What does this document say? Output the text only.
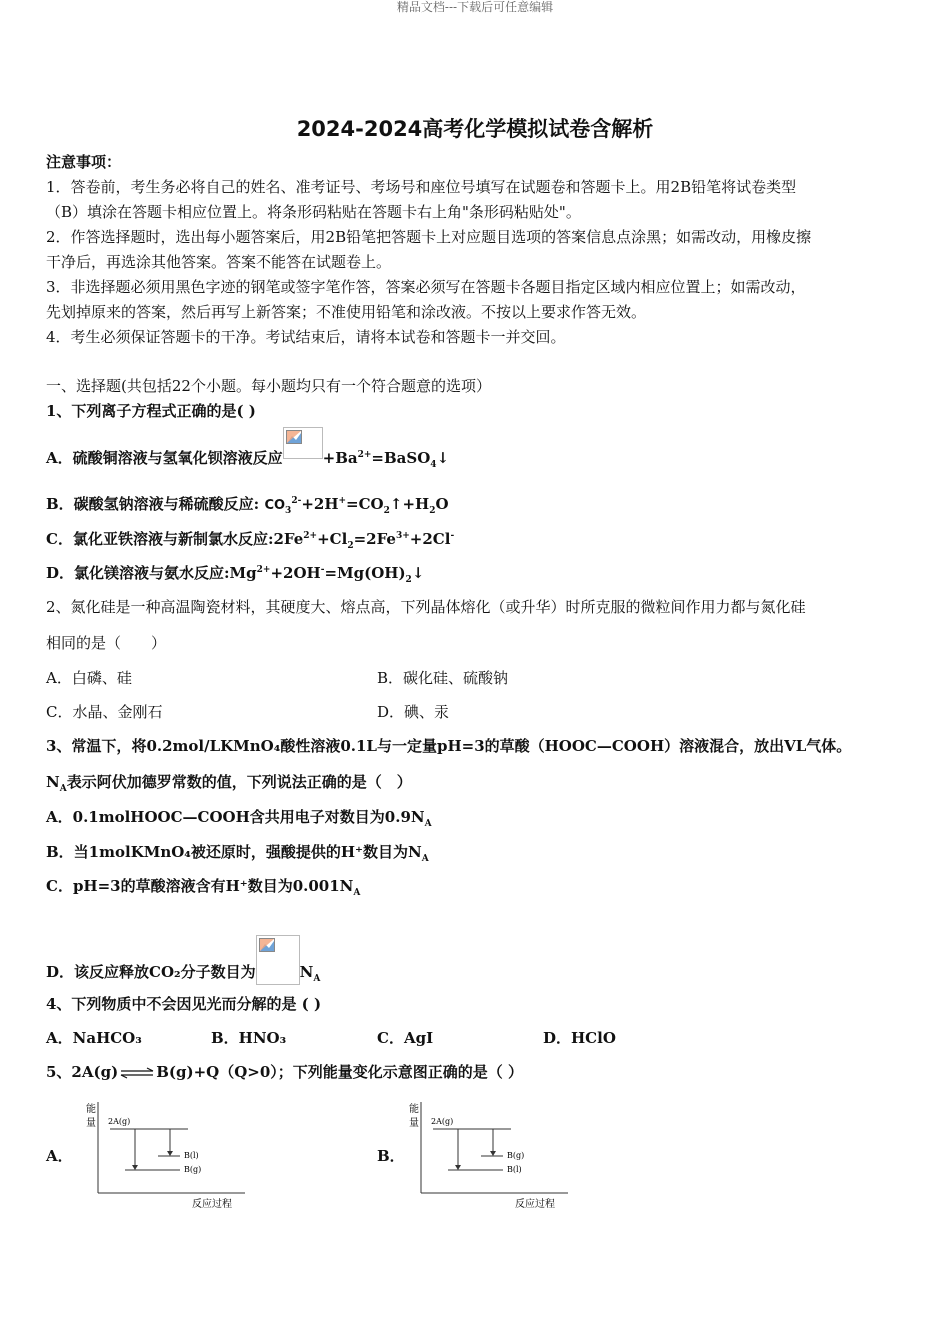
精品文档---下载后可任意编辑
2024-2024高考化学模拟试卷含解析
注意事项：
1．答卷前，考生务必将自己的姓名、准考证号、考场号和座位号填写在试题卷和答题卡上。用2B铅笔将试卷类型
（B）填涂在答题卡相应位置上。将条形码粘贴在答题卡右上角"条形码粘贴处"。
2．作答选择题时，选出每小题答案后，用2B铅笔把答题卡上对应题目选项的答案信息点涂黑；如需改动，用橡皮擦
干净后，再选涂其他答案。答案不能答在试题卷上。
3．非选择题必须用黑色字迹的钢笔或签字笔作答，答案必须写在答题卡各题目指定区域内相应位置上；如需改动，
先划掉原来的答案，然后再写上新答案；不准使用铅笔和涂改液。不按以上要求作答无效。
4．考生必须保证答题卡的干净。考试结束后，请将本试卷和答题卡一并交回。
一、选择题(共包括22个小题。每小题均只有一个符合题意的选项）
1、下列离子方程式正确的是( )
A．硫酸铜溶液与氢氧化钡溶液反应	$+Ba^{2+}=BaSO_4↓$
B．碳酸氢钠溶液与稀硫酸反应: $CO_3^{2-}+2H^+=CO_2↑+H_2O$
C．氯化亚铁溶液与新制氯水反应$:2Fe^{2+}+Cl_2=2Fe^{3+}+2Cl^-$
D．氯化镁溶液与氨水反应$:Mg^{2+}+2OH^-=Mg(OH)_2↓$
2、氮化硅是一种高温陶瓷材料，其硬度大、熔点高，下列晶体熔化（或升华）时所克服的微粒间作用力都与氮化硅
相同的是（　　）
A．白磷、硅	B．碳化硅、硫酸钠
C．水晶、金刚石	D．碘、汞
3、常温下，将0.2mol/LKMnO₄酸性溶液0.1L与一定量pH=3的草酸（HOOC—COOH）溶液混合，放出VL气体。
$N_A$表示阿伏加德罗常数的值，下列说法正确的是（　）
A．0.1molHOOC—COOH含共用电子对数目为$0.9N_A$
B．当1molKMnO₄被还原时，强酸提供的H⁺数目为$N_A$
C．pH=3的草酸溶液含有H⁺数目为$0.001N_A$
D．该反应释放CO₂分子数目为	$N_A$
4、下列物质中不会因见光而分解的是 ( )
A．NaHCO₃	B．HNO₃	C．AgI	D．HClO
5、2A(g)⇌B(g)+Q（Q>0）；下列能量变化示意图正确的是（ ）
A．	B．
能
量 2A(g)
B(l)
B(g)
反应过程
能
量 2A(g)
B(g)
B(l)
反应过程
